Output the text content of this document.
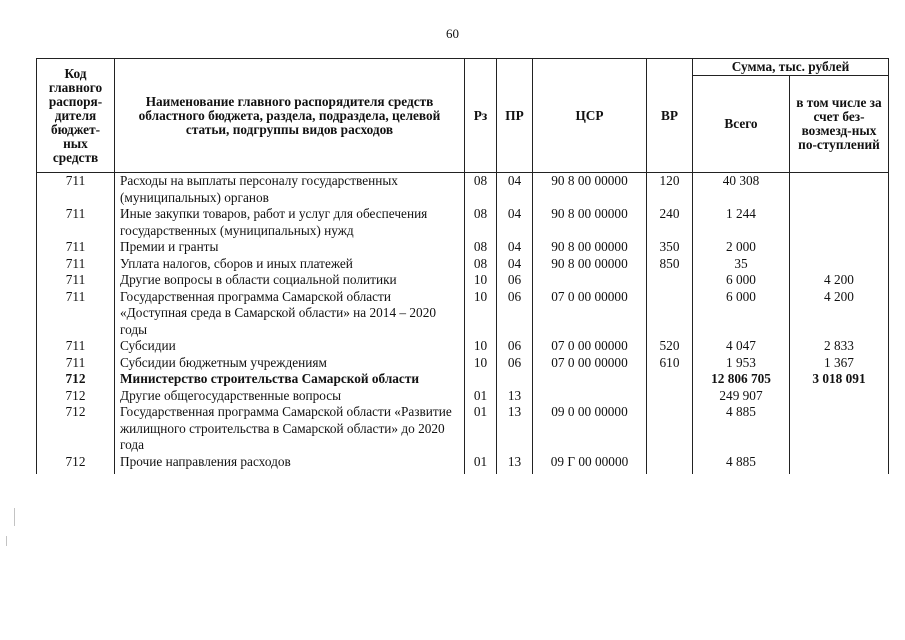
60
Код главного распоря-дителя бюджет-ных средств	Наименование главного распорядителя средств областного бюджета, раздела, подраздела, целевой статьи, подгруппы видов расходов	Рз	ПР	ЦСР	ВР	Сумма, тыс. рублей	
						Всего	в том числе за счет без-возмезд-ных по-ступлений
711	Расходы на выплаты персоналу государственных (муниципальных) органов	08	04	90 8 00 00000	120	40 308	
711	Иные закупки товаров, работ и услуг для обеспечения государственных (муниципальных) нужд	08	04	90 8 00 00000	240	1 244	
711	Премии и гранты	08	04	90 8 00 00000	350	2 000	
711	Уплата налогов, сборов и иных платежей	08	04	90 8 00 00000	850	35	
711	Другие вопросы в области социальной политики	10	06			6 000	4 200
711	Государственная программа Самарской области «Доступная среда в Самарской области» на 2014 – 2020 годы	10	06	07 0 00 00000		6 000	4 200
711	Субсидии	10	06	07 0 00 00000	520	4 047	2 833
711	Субсидии бюджетным учреждениям	10	06	07 0 00 00000	610	1 953	1 367
712	Министерство строительства Самарской области					12 806 705	3 018 091
712	Другие общегосударственные вопросы	01	13			249 907	
712	Государственная программа Самарской области «Развитие жилищного строительства в Самарской области» до 2020 года	01	13	09 0 00 00000		4 885	
712	Прочие направления расходов	01	13	09 Г 00 00000		4 885	
